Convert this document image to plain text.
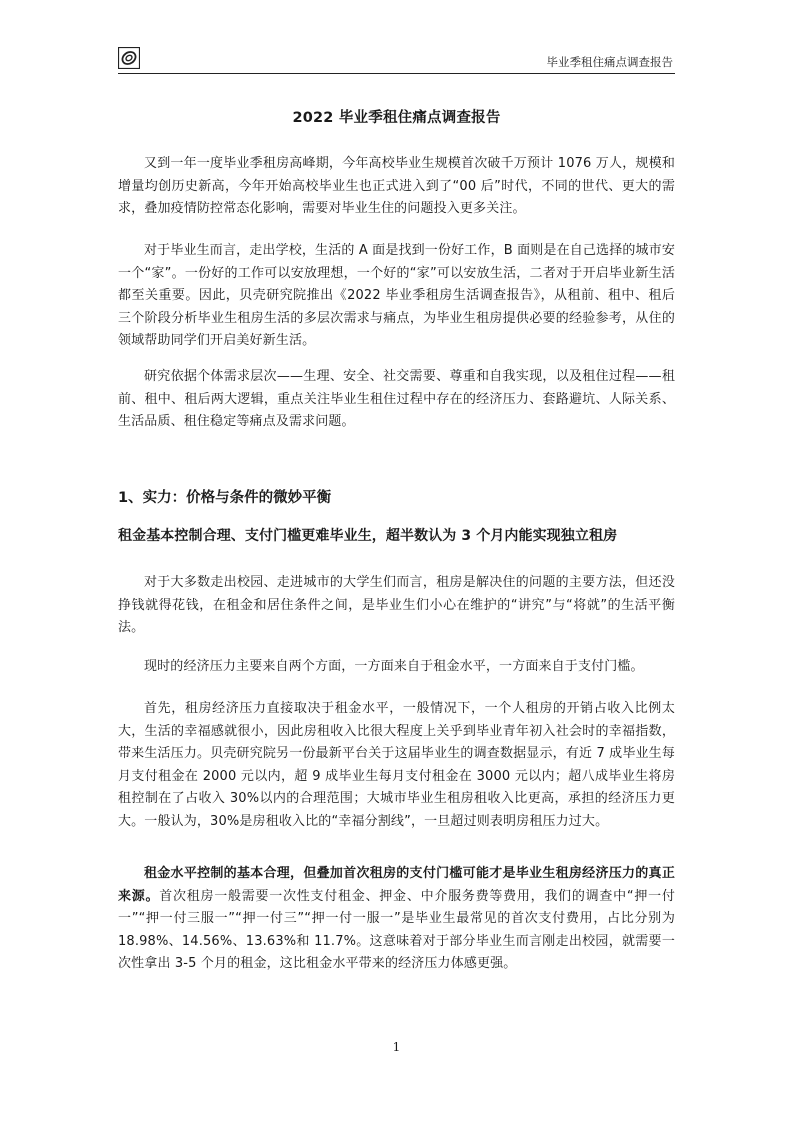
毕业季租住痛点调查报告
2022 毕业季租住痛点调查报告

又到一年一度毕业季租房高峰期，今年高校毕业生规模首次破千万预计 1076 万人，规模和增量均创历史新高，今年开始高校毕业生也正式进入到了“00 后”时代，不同的世代、更大的需求，叠加疫情防控常态化影响，需要对毕业生住的问题投入更多关注。

对于毕业生而言，走出学校，生活的 A 面是找到一份好工作，B 面则是在自己选择的城市安一个“家”。一份好的工作可以安放理想，一个好的“家”可以安放生活，二者对于开启毕业新生活都至关重要。因此，贝壳研究院推出《2022 毕业季租房生活调查报告》，从租前、租中、租后三个阶段分析毕业生租房生活的多层次需求与痛点，为毕业生租房提供必要的经验参考，从住的领域帮助同学们开启美好新生活。

研究依据个体需求层次——生理、安全、社交需要、尊重和自我实现，以及租住过程——租前、租中、租后两大逻辑，重点关注毕业生租住过程中存在的经济压力、套路避坑、人际关系、生活品质、租住稳定等痛点及需求问题。

1、实力：价格与条件的微妙平衡
租金基本控制合理、支付门槛更难毕业生，超半数认为 3 个月内能实现独立租房

对于大多数走出校园、走进城市的大学生们而言，租房是解决住的问题的主要方法，但还没挣钱就得花钱，在租金和居住条件之间，是毕业生们小心在维护的“讲究”与“将就”的生活平衡法。

现时的经济压力主要来自两个方面，一方面来自于租金水平，一方面来自于支付门槛。

首先，租房经济压力直接取决于租金水平，一般情况下，一个人租房的开销占收入比例太大，生活的幸福感就很小，因此房租收入比很大程度上关乎到毕业青年初入社会时的幸福指数，带来生活压力。贝壳研究院另一份最新平台关于这届毕业生的调查数据显示，有近 7 成毕业生每月支付租金在 2000 元以内，超 9 成毕业生每月支付租金在 3000 元以内；超八成毕业生将房租控制在了占收入 30%以内的合理范围；大城市毕业生租房租收入比更高，承担的经济压力更大。一般认为，30%是房租收入比的“幸福分割线”，一旦超过则表明房租压力过大。

租金水平控制的基本合理，但叠加首次租房的支付门槛可能才是毕业生租房经济压力的真正来源。首次租房一般需要一次性支付租金、押金、中介服务费等费用，我们的调查中“押一付一”“押一付三服一”“押一付三”“押一付一服一”是毕业生最常见的首次支付费用，占比分别为 18.98%、14.56%、13.63%和 11.7%。这意味着对于部分毕业生而言刚走出校园，就需要一次性拿出 3-5 个月的租金，这比租金水平带来的经济压力体感更强。

1
